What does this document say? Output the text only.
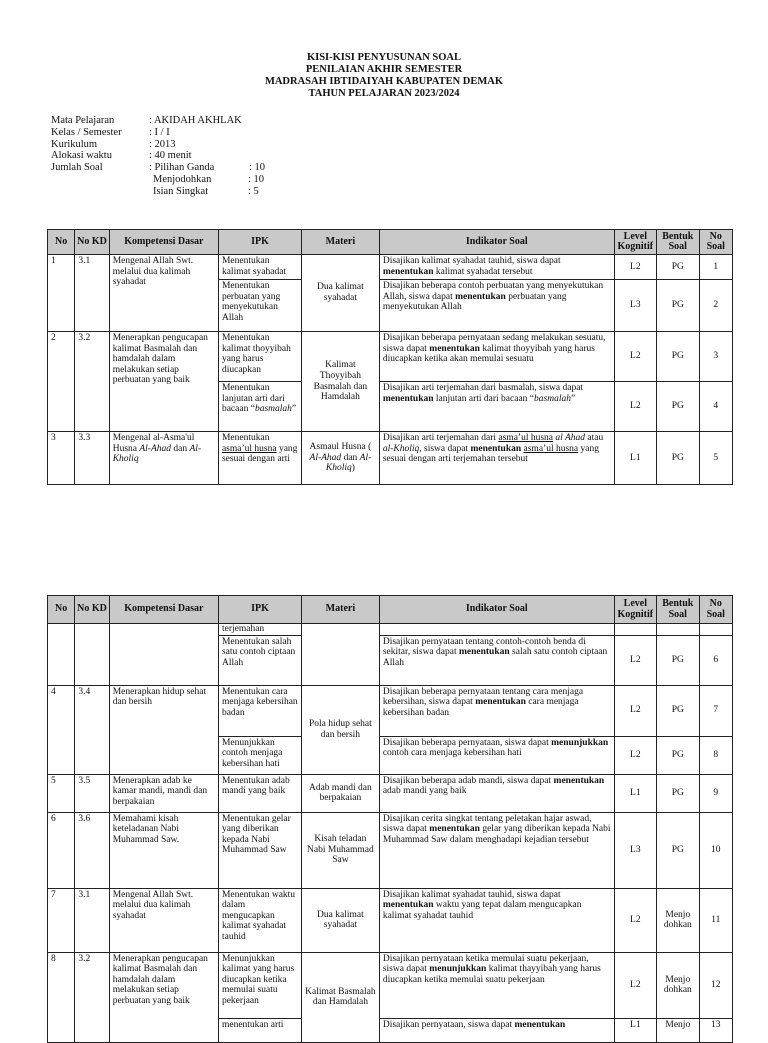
KISI-KISI PENYUSUNAN SOAL
PENILAIAN AKHIR SEMESTER
MADRASAH IBTIDAIYAH KABUPATEN DEMAK
TAHUN PELAJARAN 2023/2024
Mata Pelajaran	: AKIDAH AKHLAK
Kelas / Semester	: I / I
Kurikulum	: 2013
Alokasi waktu	: 40 menit
Jumlah Soal	: Pilihan Ganda	: 10
Menjodohkan	: 10
Isian Singkat	: 5
No	No KD	Kompetensi Dasar	IPK	Materi	Indikator Soal	Level Kognitif	Bentuk Soal	No Soal
1	3.1	Mengenal Allah Swt. melalui dua kalimah syahadat	Menentukan kalimat syahadat	Dua kalimat syahadat	Disajikan kalimat syahadat tauhid, siswa dapat menentukan kalimat syahadat tersebut	L2	PG	1
			Menentukan perbuatan yang menyekutukan Allah		Disajikan beberapa contoh perbuatan yang menyekutukan Allah, siswa dapat menentukan perbuatan yang menyekutukan Allah	L3	PG	2
2	3.2	Menerapkan pengucapan kalimat Basmalah dan hamdalah dalam melakukan setiap perbuatan yang baik	Menentukan kalimat thoyyibah yang harus diucapkan	Kalimat Thoyyibah Basmalah dan Hamdalah	Disajikan beberapa pernyataan sedang melakukan sesuatu, siswa dapat menentukan kalimat thoyyibah yang harus diucapkan ketika akan memulai sesuatu	L2	PG	3
			Menentukan lanjutan arti dari bacaan “basmalah”		Disajikan arti terjemahan dari basmalah, siswa dapat menentukan lanjutan arti dari bacaan “basmalah”	L2	PG	4
3	3.3	Mengenal al-Asma'ul Husna Al-Ahad dan Al-Kholiq	Menentukan asma’ul husna yang sesuai dengan arti	Asmaul Husna ( Al-Ahad dan Al-Kholiq)	Disajikan arti terjemahan dari asma’ul husna al Ahad atau al-Kholiq, siswa dapat menentukan asma’ul husna yang sesuai dengan arti terjemahan tersebut	L1	PG	5
No	No KD	Kompetensi Dasar	IPK	Materi	Indikator Soal	Level Kognitif	Bentuk Soal	No Soal
			terjemahan					
			Menentukan salah satu contoh ciptaan Allah		Disajikan pernyataan tentang contoh-contoh benda di sekitar, siswa dapat menentukan salah satu contoh ciptaan Allah	L2	PG	6
4	3.4	Menerapkan hidup sehat dan bersih	Menentukan cara menjaga kebersihan badan	Pola hidup sehat dan bersih	Disajikan beberapa pernyataan tentang cara menjaga kebersihan, siswa dapat menentukan cara menjaga kebersihan badan	L2	PG	7
			Menunjukkan contoh menjaga kebersihan hati		Disajikan beberapa pernyataan, siswa dapat menunjukkan contoh cara menjaga kebersihan hati	L2	PG	8
5	3.5	Menerapkan adab ke kamar mandi, mandi dan berpakaian	Menentukan adab mandi yang baik	Adab mandi dan berpakaian	Disajikan beberapa adab mandi, siswa dapat menentukan adab mandi yang baik	L1	PG	9
6	3.6	Memahami kisah keteladanan Nabi Muhammad Saw.	Menentukan gelar yang diberikan kepada Nabi Muhammad Saw	Kisah teladan Nabi Muhammad Saw	Disajikan cerita singkat tentang peletakan hajar aswad, siswa dapat menentukan gelar yang diberikan kepada Nabi Muhammad Saw dalam menghadapi kejadian tersebut	L3	PG	10
7	3.1	Mengenal Allah Swt. melalui dua kalimah syahadat	Menentukan waktu dalam mengucapkan kalimat syahadat tauhid	Dua kalimat syahadat	Disajikan kalimat syahadat tauhid, siswa dapat menentukan waktu yang tepat dalam mengucapkan kalimat syahadat tauhid	L2	Menjo dohkan	11
8	3.2	Menerapkan pengucapan kalimat Basmalah dan hamdalah dalam melakukan setiap perbuatan yang baik	Menunjukkan kalimat yang harus diucapkan ketika memulai suatu pekerjaan	Kalimat Basmalah dan Hamdalah	Disajikan pernyataan ketika memulai suatu pekerjaan, siswa dapat menunjukkan kalimat thayyibah yang harus diucapkan ketika memulai suatu pekerjaan	L2	Menjo dohkan	12
			menentukan arti		Disajikan pernyataan, siswa dapat menentukan	L1	Menjo	13
